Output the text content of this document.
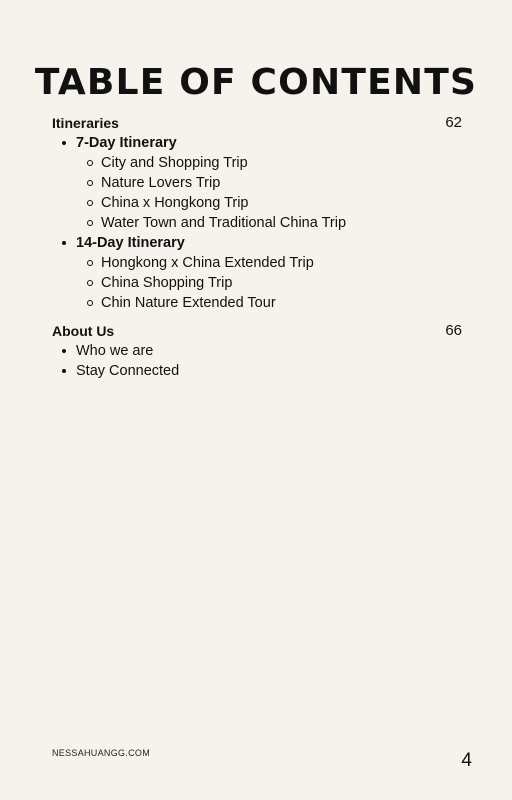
TABLE OF CONTENTS
Itineraries	62
7-Day Itinerary
City and Shopping Trip
Nature Lovers Trip
China x Hongkong Trip
Water Town and Traditional China Trip
14-Day Itinerary
Hongkong x China Extended Trip
China Shopping Trip
Chin Nature Extended Tour
About Us	66
Who we are
Stay Connected
NESSAHUANGG.COM	4
